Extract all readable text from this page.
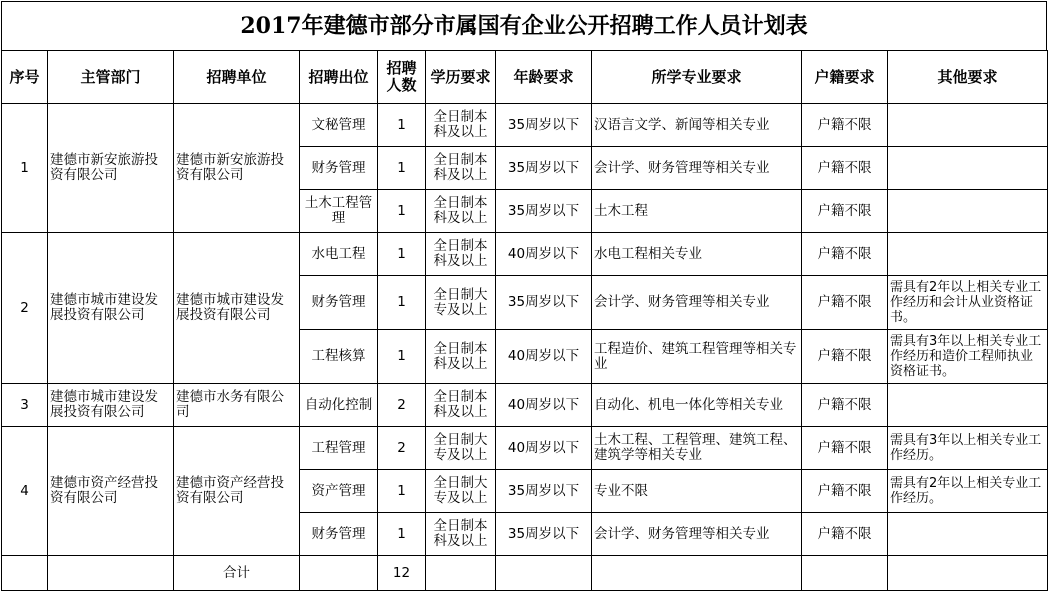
2017年建德市部分市属国有企业公开招聘工作人员计划表
序号	主管部门	招聘单位	招聘出位	招聘人数	学历要求	年龄要求	所学专业要求	户籍要求	其他要求
1	建德市新安旅游投资有限公司	建德市新安旅游投资有限公司	文秘管理	1	全日制本科及以上	35周岁以下	汉语言文学、新闻等相关专业	户籍不限	
			财务管理	1	全日制本科及以上	35周岁以下	会计学、财务管理等相关专业	户籍不限	
			土木工程管理	1	全日制本科及以上	35周岁以下	土木工程	户籍不限	
2	建德市城市建设发展投资有限公司	建德市城市建设发展投资有限公司	水电工程	1	全日制本科及以上	40周岁以下	水电工程相关专业	户籍不限	
			财务管理	1	全日制大专及以上	35周岁以下	会计学、财务管理等相关专业	户籍不限	需具有2年以上相关专业工作经历和会计从业资格证书。
			工程核算	1	全日制本科及以上	40周岁以下	工程造价、建筑工程管理等相关专业	户籍不限	需具有3年以上相关专业工作经历和造价工程师执业资格证书。
3	建德市城市建设发展投资有限公司	建德市水务有限公司	自动化控制	2	全日制本科及以上	40周岁以下	自动化、机电一体化等相关专业	户籍不限	
4	建德市资产经营投资有限公司	建德市资产经营投资有限公司	工程管理	2	全日制大专及以上	40周岁以下	土木工程、工程管理、建筑工程、建筑学等相关专业	户籍不限	需具有3年以上相关专业工作经历。
			资产管理	1	全日制大专及以上	35周岁以下	专业不限	户籍不限	需具有2年以上相关专业工作经历。
			财务管理	1	全日制本科及以上	35周岁以下	会计学、财务管理等相关专业	户籍不限	
		合计		12					
